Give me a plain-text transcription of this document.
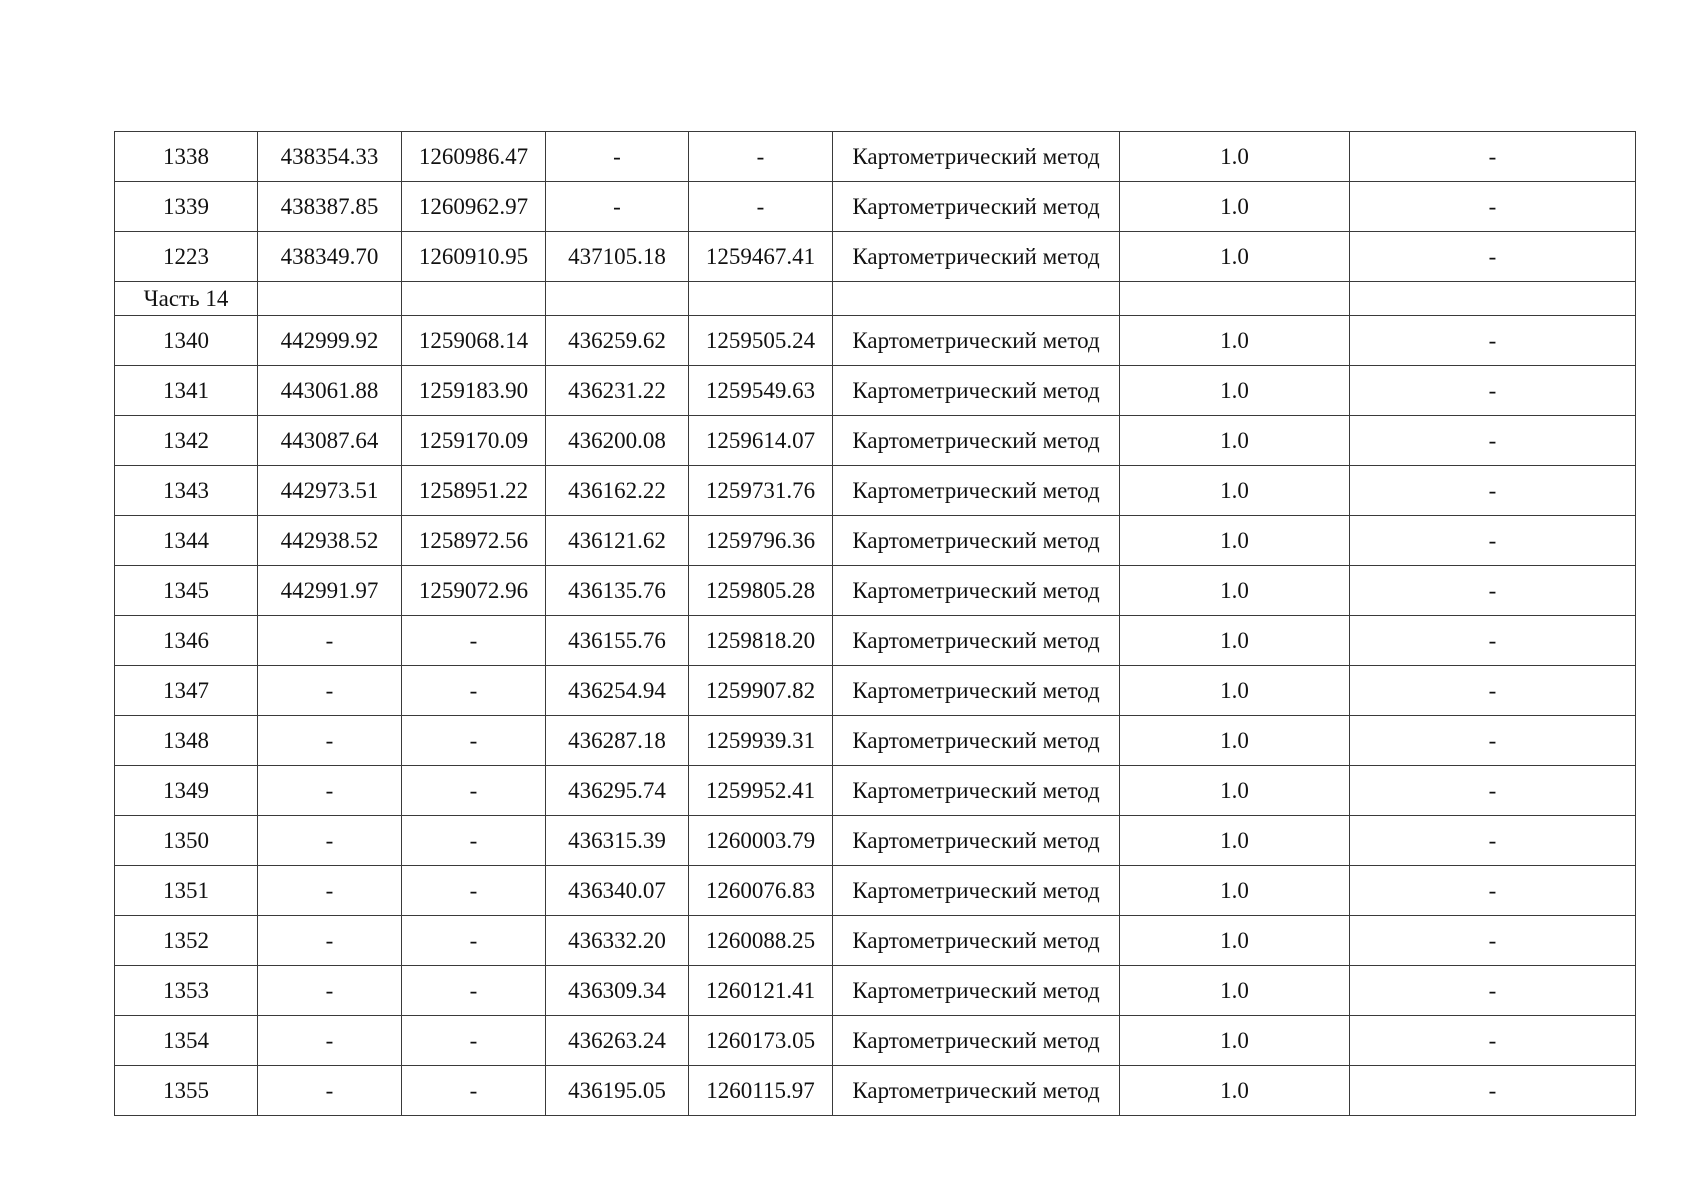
1338	438354.33	1260986.47	-	-	Картометрический метод	1.0	-
1339	438387.85	1260962.97	-	-	Картометрический метод	1.0	-
1223	438349.70	1260910.95	437105.18	1259467.41	Картометрический метод	1.0	-
Часть 14							
1340	442999.92	1259068.14	436259.62	1259505.24	Картометрический метод	1.0	-
1341	443061.88	1259183.90	436231.22	1259549.63	Картометрический метод	1.0	-
1342	443087.64	1259170.09	436200.08	1259614.07	Картометрический метод	1.0	-
1343	442973.51	1258951.22	436162.22	1259731.76	Картометрический метод	1.0	-
1344	442938.52	1258972.56	436121.62	1259796.36	Картометрический метод	1.0	-
1345	442991.97	1259072.96	436135.76	1259805.28	Картометрический метод	1.0	-
1346	-	-	436155.76	1259818.20	Картометрический метод	1.0	-
1347	-	-	436254.94	1259907.82	Картометрический метод	1.0	-
1348	-	-	436287.18	1259939.31	Картометрический метод	1.0	-
1349	-	-	436295.74	1259952.41	Картометрический метод	1.0	-
1350	-	-	436315.39	1260003.79	Картометрический метод	1.0	-
1351	-	-	436340.07	1260076.83	Картометрический метод	1.0	-
1352	-	-	436332.20	1260088.25	Картометрический метод	1.0	-
1353	-	-	436309.34	1260121.41	Картометрический метод	1.0	-
1354	-	-	436263.24	1260173.05	Картометрический метод	1.0	-
1355	-	-	436195.05	1260115.97	Картометрический метод	1.0	-
